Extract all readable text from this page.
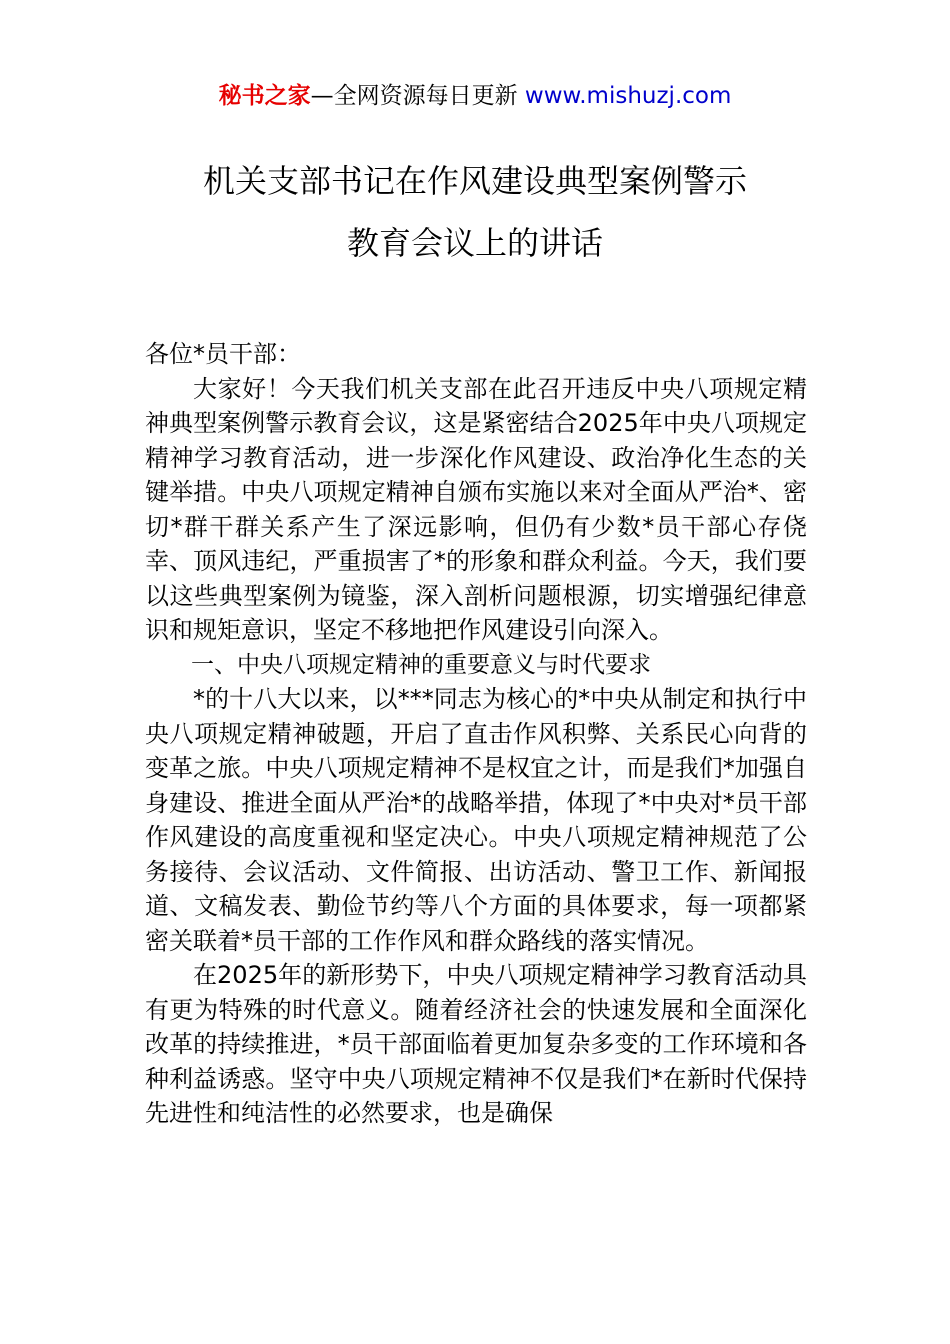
秘书之家—全网资源每日更新 www.mishuzj.com
机关支部书记在作风建设典型案例警示
教育会议上的讲话

各位*员干部：

大家好！今天我们机关支部在此召开违反中央八项规定精神典型案例警示教育会议，这是紧密结合2025年中央八项规定精神学习教育活动，进一步深化作风建设、政治净化生态的关键举措。中央八项规定精神自颁布实施以来对全面从严治*、密切*群干群关系产生了深远影响，但仍有少数*员干部心存侥幸、顶风违纪，严重损害了*的形象和群众利益。今天，我们要以这些典型案例为镜鉴，深入剖析问题根源，切实增强纪律意识和规矩意识，坚定不移地把作风建设引向深入。

一、中央八项规定精神的重要意义与时代要求

*的十八大以来，以***同志为核心的*中央从制定和执行中央八项规定精神破题，开启了直击作风积弊、关系民心向背的变革之旅。中央八项规定精神不是权宜之计，而是我们*加强自身建设、推进全面从严治*的战略举措，体现了*中央对*员干部作风建设的高度重视和坚定决心。中央八项规定精神规范了公务接待、会议活动、文件简报、出访活动、警卫工作、新闻报道、文稿发表、勤俭节约等八个方面的具体要求，每一项都紧密关联着*员干部的工作作风和群众路线的落实情况。

在2025年的新形势下，中央八项规定精神学习教育活动具有更为特殊的时代意义。随着经济社会的快速发展和全面深化改革的持续推进，*员干部面临着更加复杂多变的工作环境和各种利益诱惑。坚守中央八项规定精神不仅是我们*在新时代保持先进性和纯洁性的必然要求，也是确保
